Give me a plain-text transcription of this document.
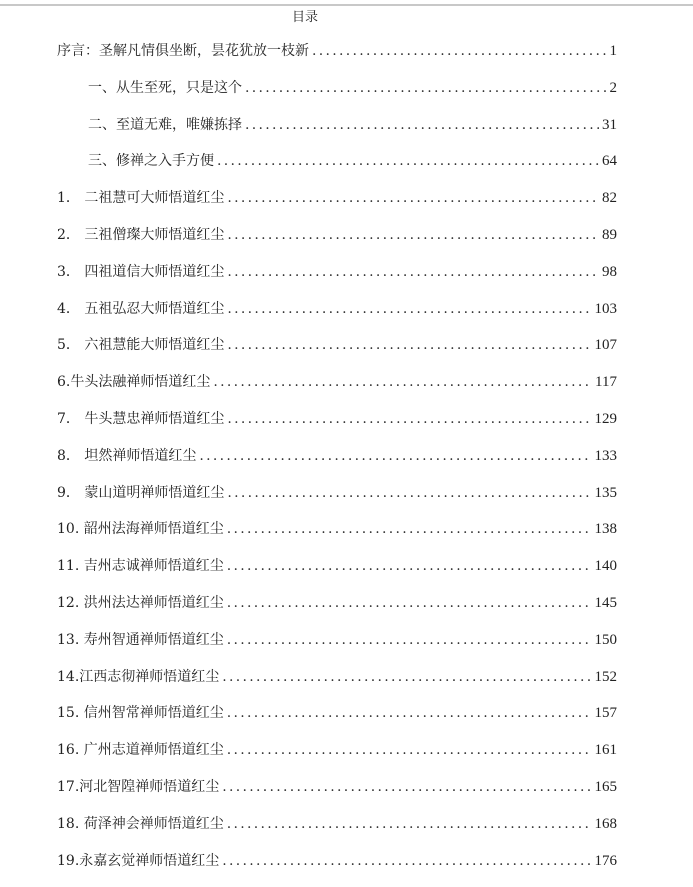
目录
序言：圣解凡情俱坐断，昙花犹放一枝新 .....	1
一、从生至死，只是这个 .....	2
二、至道无难，唯嫌拣择 .....	31
三、修禅之入手方便 .....	64
1． 二祖慧可大师悟道红尘 .....	82
2． 三祖僧璨大师悟道红尘 .....	89
3． 四祖道信大师悟道红尘 .....	98
4． 五祖弘忍大师悟道红尘 .....	103
5． 六祖慧能大师悟道红尘 .....	107
6.牛头法融禅师悟道红尘 .....	117
7． 牛头慧忠禅师悟道红尘 .....	129
8． 坦然禅师悟道红尘 .....	133
9． 蒙山道明禅师悟道红尘 .....	135
10. 韶州法海禅师悟道红尘 .....	138
11. 吉州志诚禅师悟道红尘 .....	140
12. 洪州法达禅师悟道红尘 .....	145
13. 寿州智通禅师悟道红尘 .....	150
14.江西志彻禅师悟道红尘 .....	152
15. 信州智常禅师悟道红尘 .....	157
16. 广州志道禅师悟道红尘 .....	161
17.河北智隍禅师悟道红尘 .....	165
18. 荷泽神会禅师悟道红尘 .....	168
19.永嘉玄觉禅师悟道红尘 .....	176
